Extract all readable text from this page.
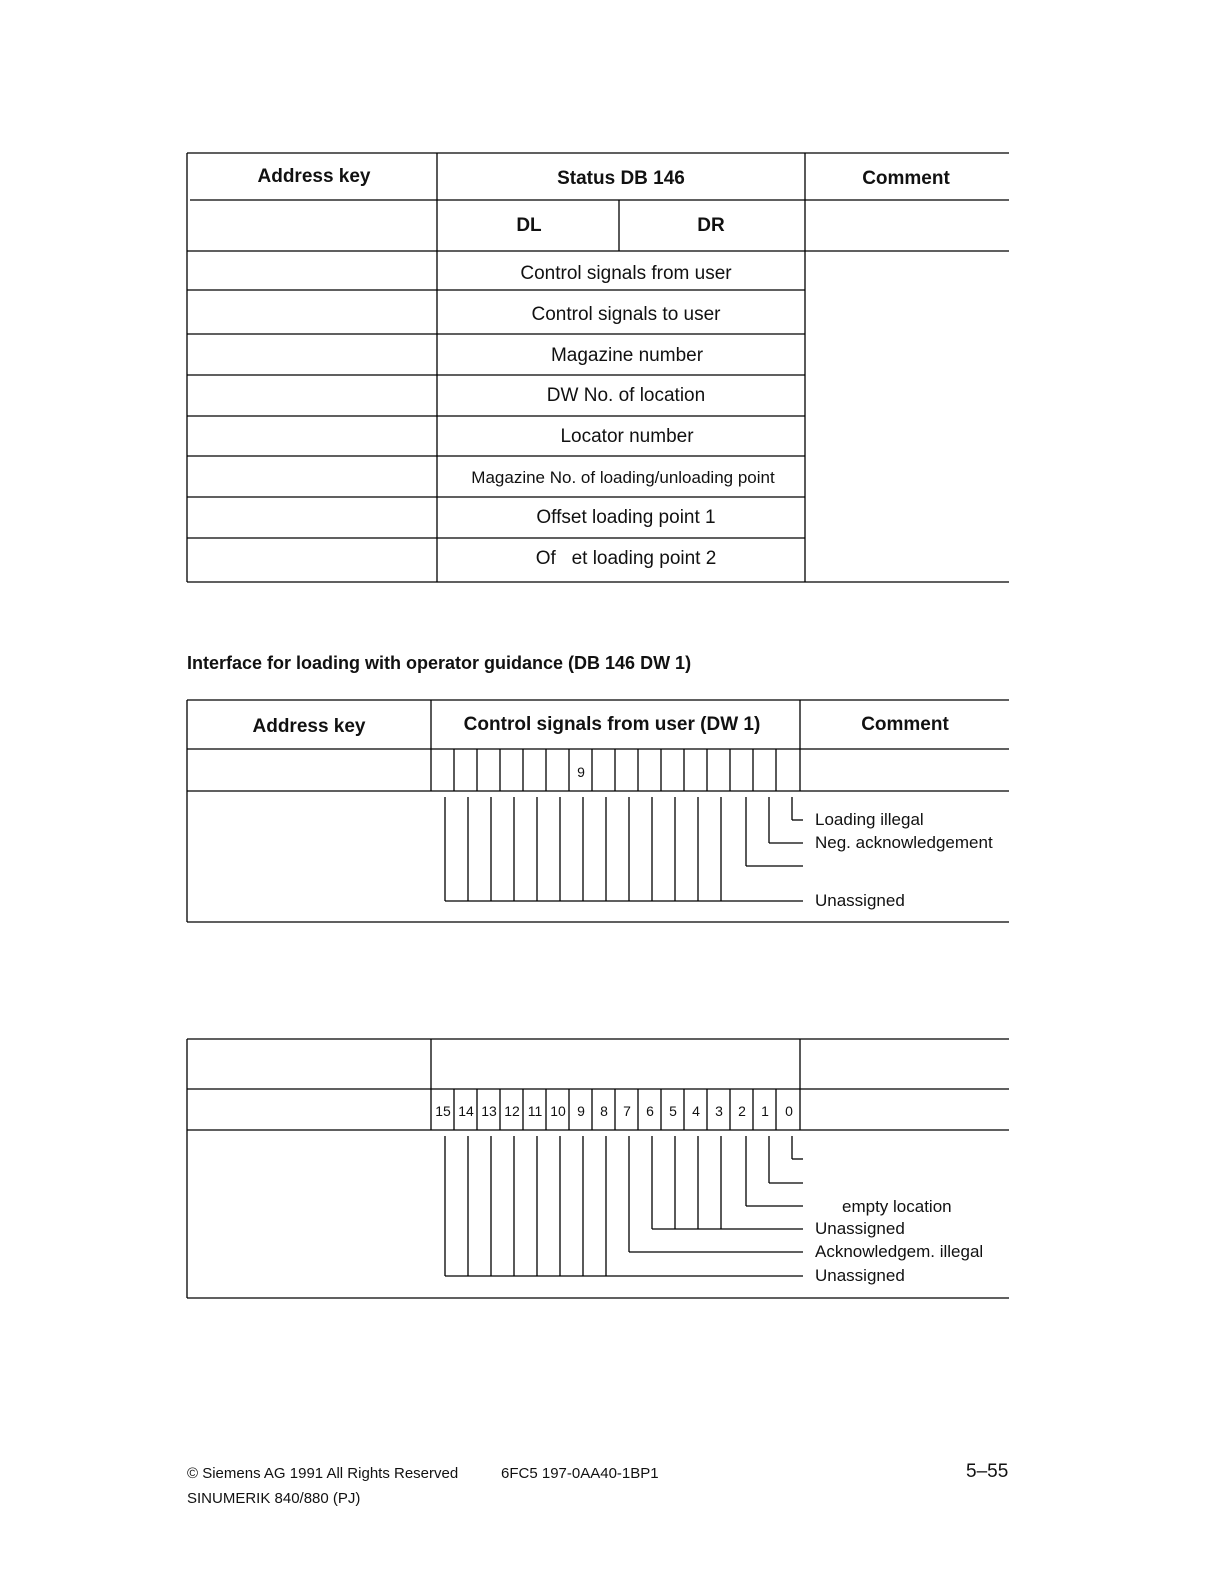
Address key	Status DB 146	Comment
DL	DR
Control signals from user
Control signals to user
Magazine number
DW No. of location
Locator number
Magazine No. of loading/unloading point
Offset loading point 1
Of   et loading point 2
Interface for loading with operator guidance (DB 146 DW 1)
Address key	Control signals from user (DW 1)	Comment
9
Loading illegal
Neg. acknowledgement
Unassigned
15 14 13 12 11 10 9	8	7	6	5	4	3	2	1	0
empty location
Unassigned
Acknowledgem. illegal
Unassigned
© Siemens AG 1991 All Rights Reserved	6FC5 197-0AA40-1BP1
SINUMERIK 840/880 (PJ)
5–55
